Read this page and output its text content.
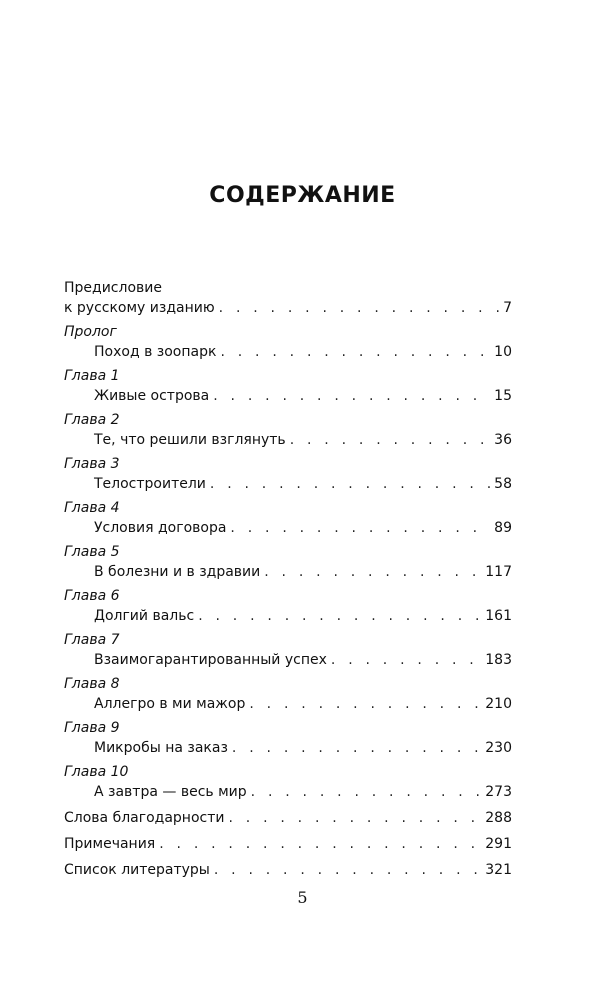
СОДЕРЖАНИЕ
Предисловие
к русскому изданию . . .	7
Пролог
Поход в зоопарк . . .	10
Глава 1
Живые острова . . .	15
Глава 2
Те, что решили взглянуть . . .	36
Глава 3
Телостроители . . .	58
Глава 4
Условия договора . . .	89
Глава 5
В болезни и в здравии . . .	117
Глава 6
Долгий вальс . . .	161
Глава 7
Взаимогарантированный успех . . .	183
Глава 8
Аллегро в ми мажор . . .	210
Глава 9
Микробы на заказ . . .	230
Глава 10
А завтра — весь мир . . .	273
Слова благодарности . . .	288
Примечания . . .	291
Список литературы . . .	321
5
